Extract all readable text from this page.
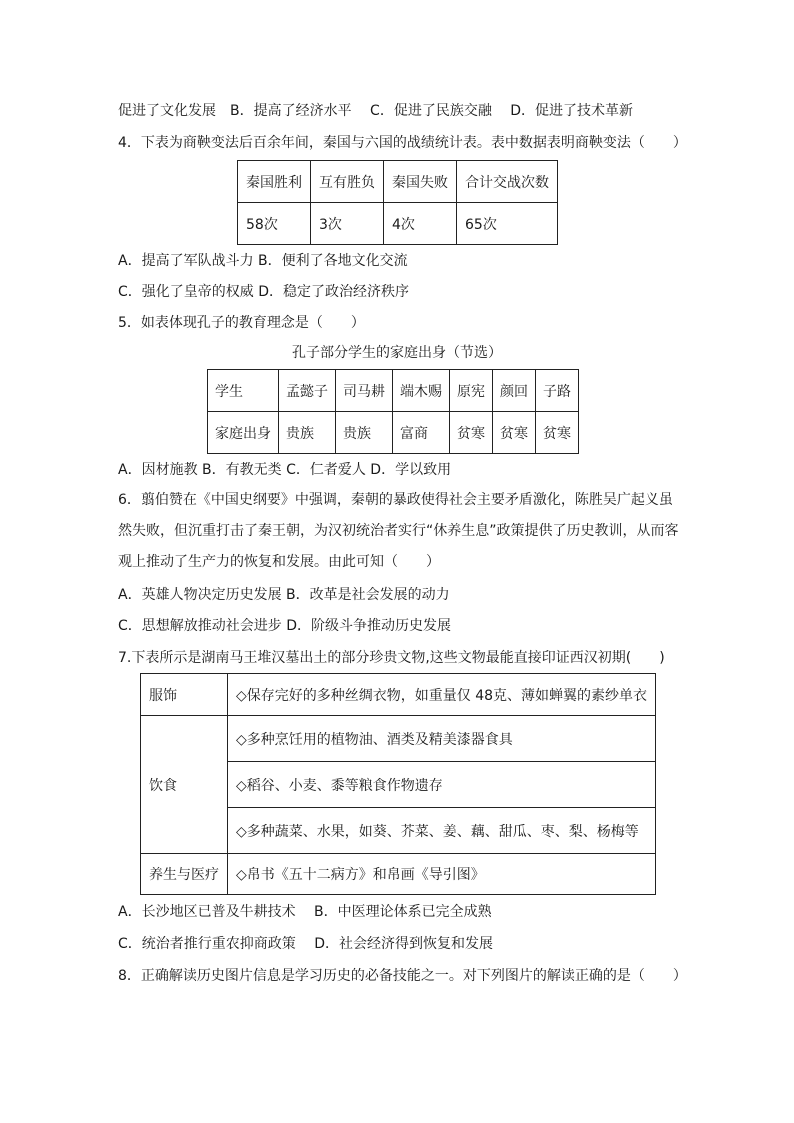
促进了文化发展　B．提高了经济水平　 C．促进了民族交融　 D．促进了技术革新
4．下表为商鞅变法后百余年间，秦国与六国的战绩统计表。表中数据表明商鞅变法（　　）
秦国胜利	互有胜负	秦国失败	合计交战次数
58次	3次	4次	65次
A．提高了军队战斗力 B．便利了各地文化交流
C．强化了皇帝的权威 D．稳定了政治经济秩序
5．如表体现孔子的教育理念是（　　）
孔子部分学生的家庭出身（节选）
学生	孟懿子	司马耕	端木赐	原宪	颜回	子路
家庭出身	贵族	贵族	富商	贫寒	贫寒	贫寒
A．因材施教 B．有教无类 C．仁者爱人 D．学以致用
6．翦伯赞在《中国史纲要》中强调，秦朝的暴政使得社会主要矛盾激化，陈胜吴广起义虽
然失败，但沉重打击了秦王朝，为汉初统治者实行“休养生息”政策提供了历史教训，从而客
观上推动了生产力的恢复和发展。由此可知（　　）
A．英雄人物决定历史发展 B．改革是社会发展的动力
C．思想解放推动社会进步 D．阶级斗争推动历史发展
7.下表所示是湖南马王堆汉墓出土的部分珍贵文物,这些文物最能直接印证西汉初期(　　)
服饰	◇保存完好的多种丝绸衣物，如重量仅 48克、薄如蝉翼的素纱单衣
饮食	◇多种烹饪用的植物油、酒类及精美漆器食具
	◇稻谷、小麦、黍等粮食作物遗存
	◇多种蔬菜、水果，如葵、芥菜、姜、藕、甜瓜、枣、梨、杨梅等
养生与医疗	◇帛书《五十二病方》和帛画《导引图》
A．长沙地区已普及牛耕技术　 B．中医理论体系已完全成熟
C．统治者推行重农抑商政策　 D．社会经济得到恢复和发展
8．正确解读历史图片信息是学习历史的必备技能之一。对下列图片的解读正确的是（　　）
